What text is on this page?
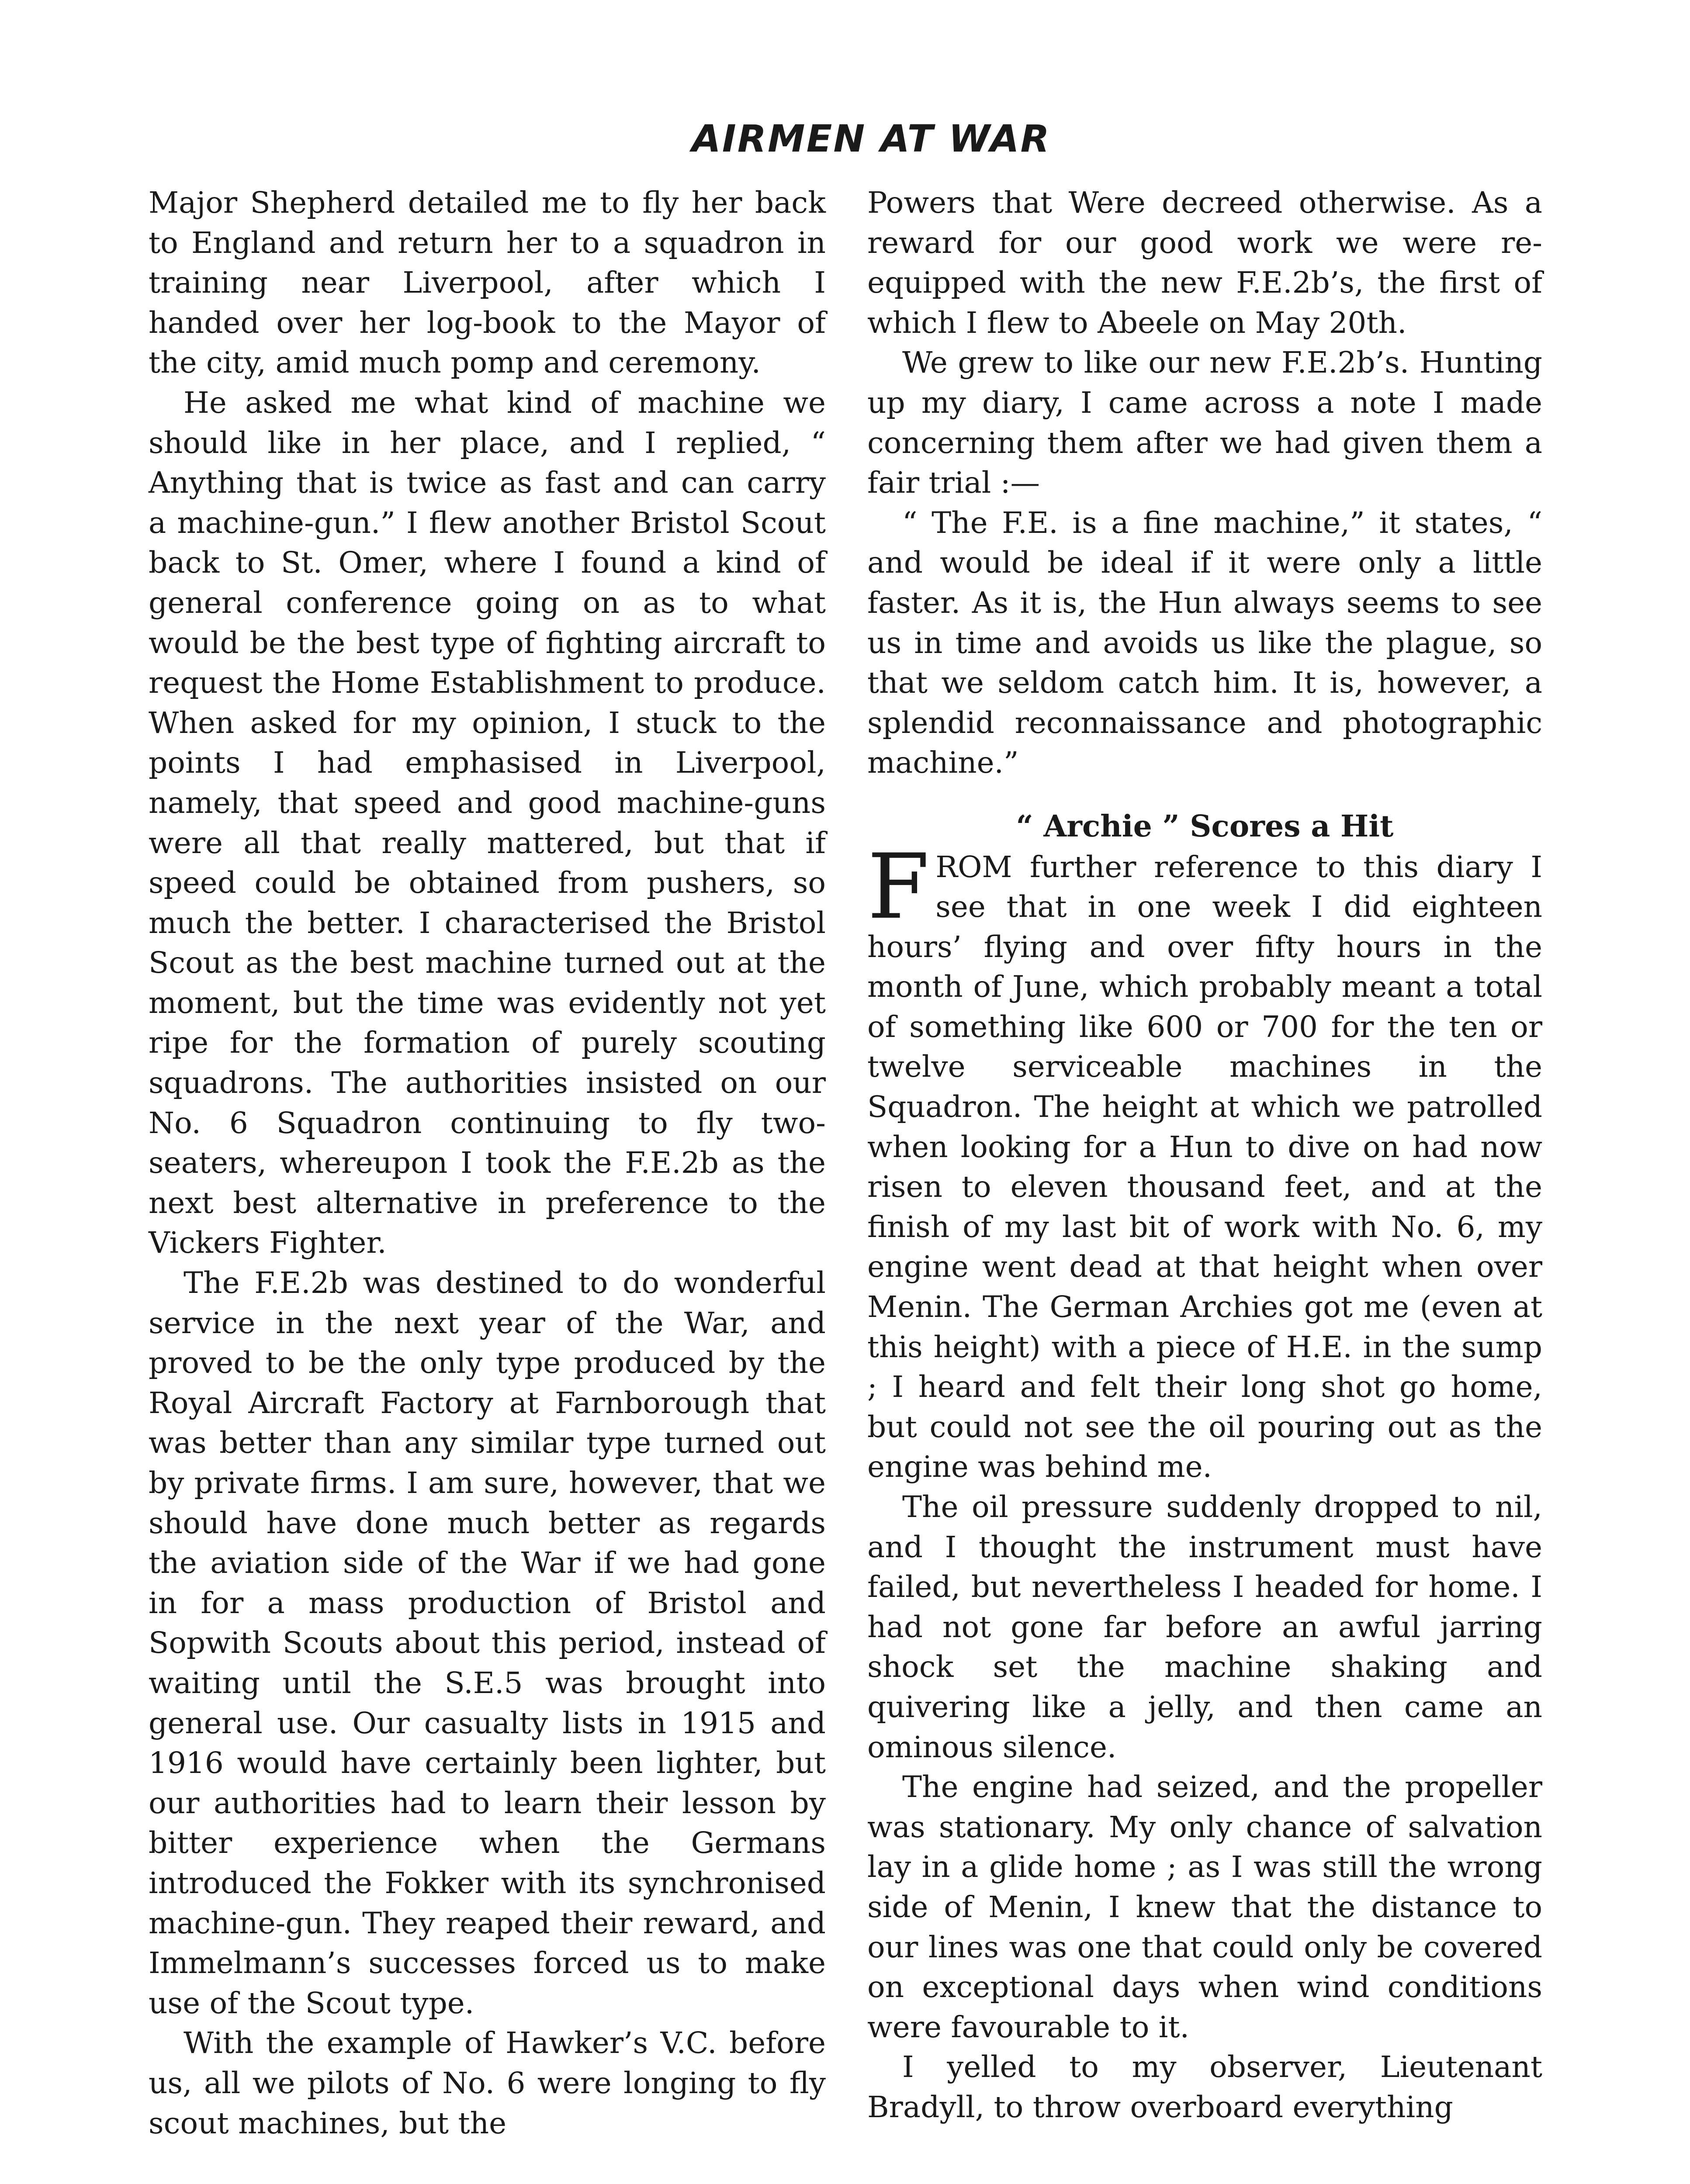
AIRMEN AT WAR

Major Shepherd detailed me to fly her back to England and return her to a squadron in training near Liverpool, after which I handed over her log-book to the Mayor of the city, amid much pomp and ceremony.

He asked me what kind of machine we should like in her place, and I replied, “ Anything that is twice as fast and can carry a machine-gun.” I flew another Bristol Scout back to St. Omer, where I found a kind of general conference going on as to what would be the best type of fighting aircraft to request the Home Establishment to produce. When asked for my opinion, I stuck to the points I had emphasised in Liverpool, namely, that speed and good machine-guns were all that really mattered, but that if speed could be obtained from pushers, so much the better. I characterised the Bristol Scout as the best machine turned out at the moment, but the time was evidently not yet ripe for the formation of purely scouting squadrons. The authorities insisted on our No. 6 Squadron continuing to fly two-seaters, whereupon I took the F.E.2b as the next best alternative in preference to the Vickers Fighter.

The F.E.2b was destined to do wonderful service in the next year of the War, and proved to be the only type produced by the Royal Aircraft Factory at Farnborough that was better than any similar type turned out by private firms. I am sure, however, that we should have done much better as regards the aviation side of the War if we had gone in for a mass production of Bristol and Sopwith Scouts about this period, instead of waiting until the S.E.5 was brought into general use. Our casualty lists in 1915 and 1916 would have certainly been lighter, but our authorities had to learn their lesson by bitter experience when the Germans introduced the Fokker with its synchronised machine-gun. They reaped their reward, and Immelmann’s successes forced us to make use of the Scout type.

With the example of Hawker’s V.C. before us, all we pilots of No. 6 were longing to fly scout machines, but the

Powers that Were decreed otherwise. As a reward for our good work we were re-equipped with the new F.E.2b’s, the first of which I flew to Abeele on May 20th.

We grew to like our new F.E.2b’s. Hunting up my diary, I came across a note I made concerning them after we had given them a fair trial :—

“ The F.E. is a fine machine,” it states, “ and would be ideal if it were only a little faster. As it is, the Hun always seems to see us in time and avoids us like the plague, so that we seldom catch him. It is, however, a splendid reconnaissance and photographic machine.”

“ Archie ” Scores a Hit

FROM further reference to this diary I see that in one week I did eighteen hours’ flying and over fifty hours in the month of June, which probably meant a total of something like 600 or 700 for the ten or twelve serviceable machines in the Squadron. The height at which we patrolled when looking for a Hun to dive on had now risen to eleven thousand feet, and at the finish of my last bit of work with No. 6, my engine went dead at that height when over Menin. The German Archies got me (even at this height) with a piece of H.E. in the sump ; I heard and felt their long shot go home, but could not see the oil pouring out as the engine was behind me.

The oil pressure suddenly dropped to nil, and I thought the instrument must have failed, but nevertheless I headed for home. I had not gone far before an awful jarring shock set the machine shaking and quivering like a jelly, and then came an ominous silence.

The engine had seized, and the propeller was stationary. My only chance of salvation lay in a glide home ; as I was still the wrong side of Menin, I knew that the distance to our lines was one that could only be covered on exceptional days when wind conditions were favourable to it.

I yelled to my observer, Lieutenant Bradyll, to throw overboard everything
